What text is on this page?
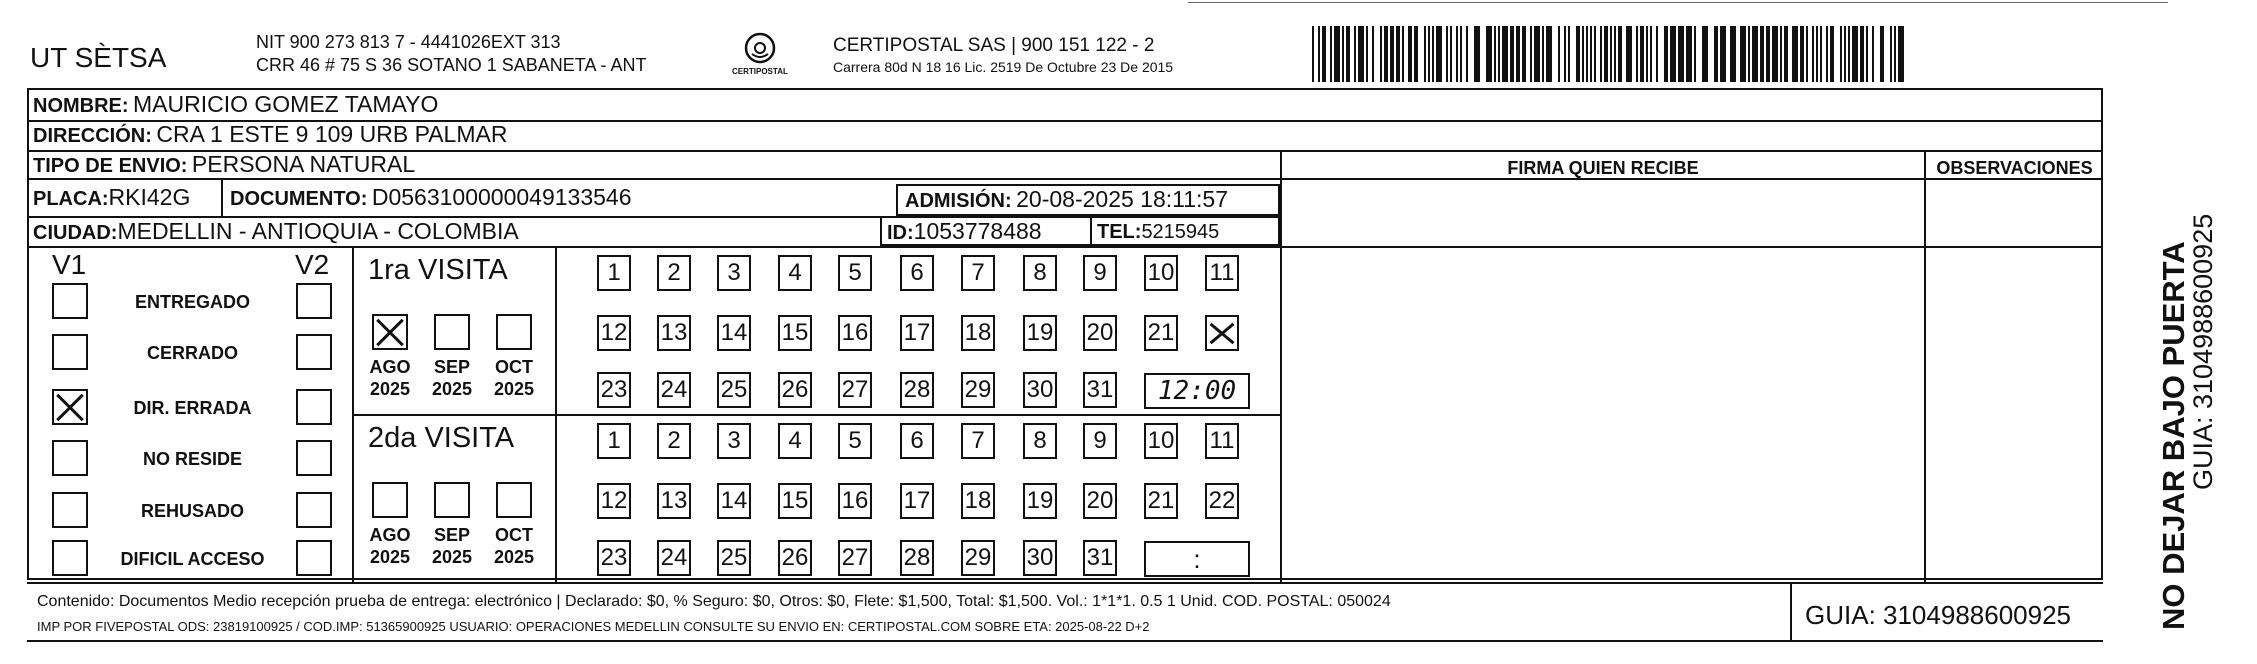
UT SÈTSA	NIT 900 273 813 7 - 4441026EXT 313
CRR 46 # 75 S 36 SOTANO 1 SABANETA - ANT	CERTIPOSTAL
CERTIPOSTAL SAS | 900 151 122 - 2
Carrera 80d N 18 16 Lic. 2519 De Octubre 23 De 2015
NOMBRE: MAURICIO GOMEZ TAMAYO
DIRECCIÓN: CRA 1 ESTE 9 109 URB PALMAR
TIPO DE ENVIO: PERSONA NATURAL
PLACA:RKI42G DOCUMENTO: D0563100000049133546	ADMISIÓN: 20-08-2025 18:11:57
CIUDAD:MEDELLIN - ANTIOQUIA - COLOMBIA	ID:1053778488	TEL:5215945
FIRMA QUIEN RECIBE	OBSERVACIONES
V1	V2
ENTREGADO
CERRADO
DIR. ERRADA
NO RESIDE
REHUSADO
DIFICIL ACCESO
1ra VISITA
AGO
2025
SEP
2025
OCT
2025
1	2	3	4	5	6	7	8	9	10 11
12 13 14 15 16 17 18 19 20 21
23 24 25 26 27 28 29 30 31	12:00
2da VISITA
AGO
2025
SEP
2025
OCT
2025
1	2	3	4	5	6	7	8	9	10 11
12 13 14 15 16 17 18 19 20 21 22
23 24 25 26 27 28 29 30 31	:
Contenido: Documentos Medio recepción prueba de entrega: electrónico | Declarado: $0, % Seguro: $0, Otros: $0, Flete: $1,500, Total: $1,500. Vol.: 1*1*1. 0.5 1 Unid. COD. POSTAL: 050024
IMP POR FIVEPOSTAL ODS: 23819100925 / COD.IMP: 51365900925 USUARIO: OPERACIONES MEDELLIN CONSULTE SU ENVIO EN: CERTIPOSTAL.COM SOBRE ETA: 2025-08-22 D+2	GUIA: 3104988600925	NO DEJAR BAJO PUERTA
GUIA: 3104988600925
